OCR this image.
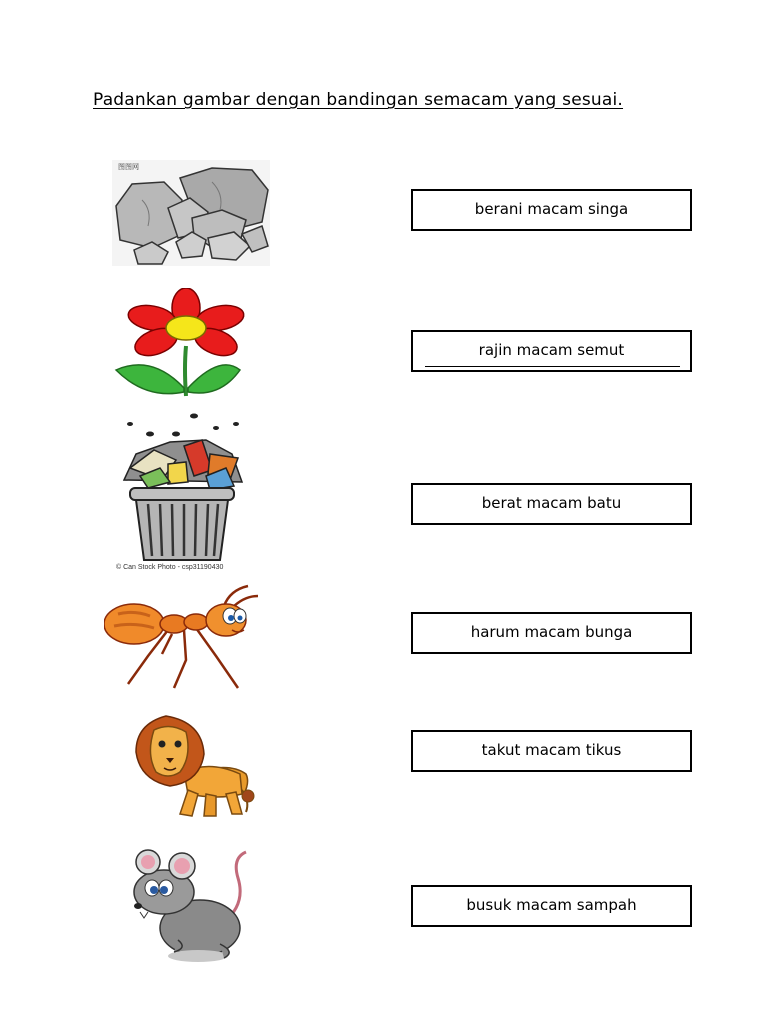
Padankan gambar dengan bandingan semacam yang sesuai.
图图网
© Can Stock Photo - csp31190430
berani macam singa
rajin macam semut
berat macam batu
harum macam bunga
takut macam tikus
busuk macam sampah
